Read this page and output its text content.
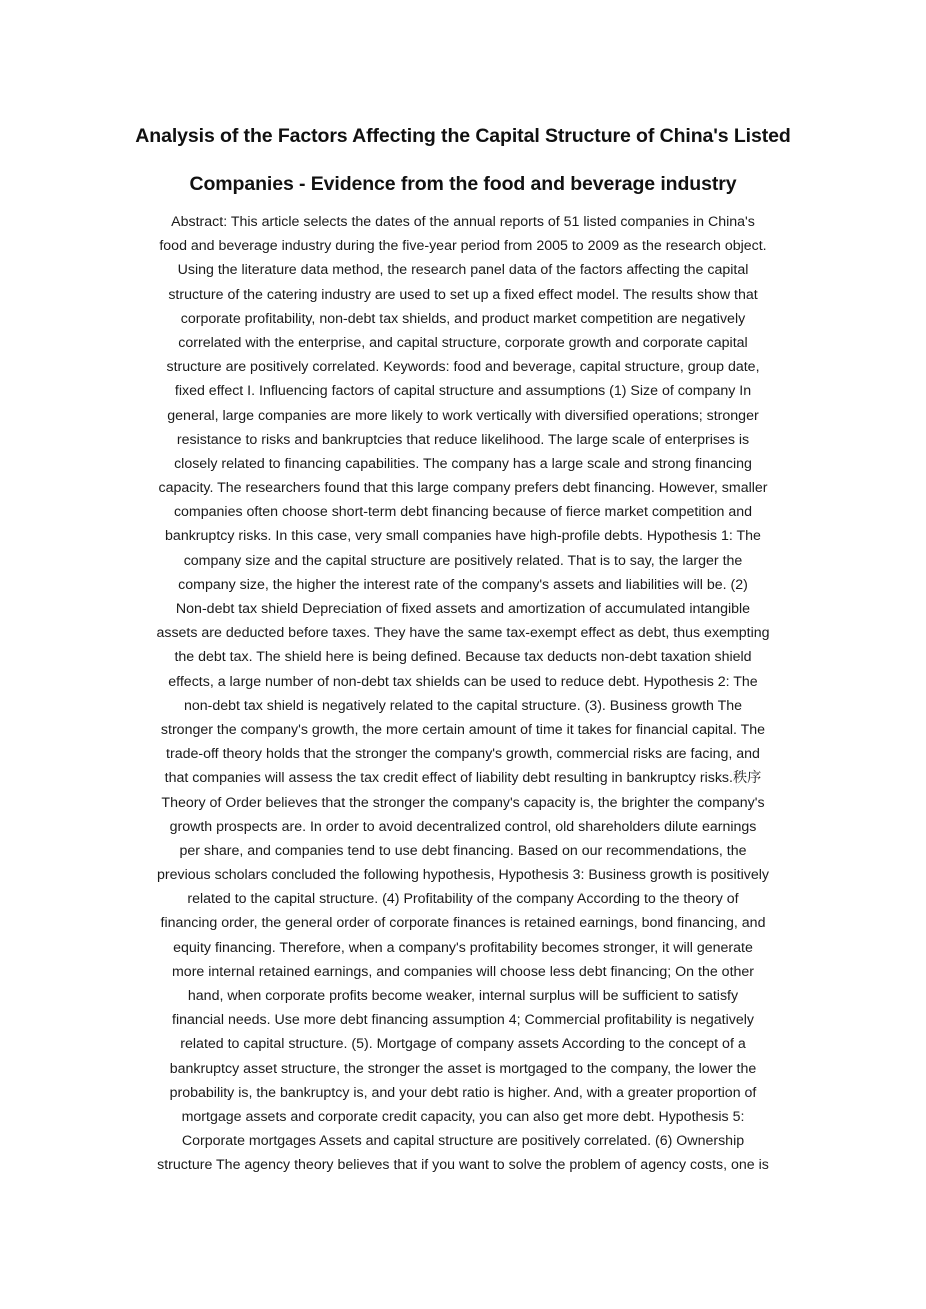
Analysis of the Factors Affecting the Capital Structure of China's Listed
Companies - Evidence from the food and beverage industry
Abstract: This article selects the dates of the annual reports of 51 listed companies in China's
food and beverage industry during the five-year period from 2005 to 2009 as the research object.
Using the literature data method, the research panel data of the factors affecting the capital
structure of the catering industry are used to set up a fixed effect model. The results show that
corporate profitability, non-debt tax shields, and product market competition are negatively
correlated with the enterprise, and capital structure, corporate growth and corporate capital
structure are positively correlated. Keywords: food and beverage, capital structure, group date,
fixed effect I. Influencing factors of capital structure and assumptions (1) Size of company In
general, large companies are more likely to work vertically with diversified operations; stronger
resistance to risks and bankruptcies that reduce likelihood. The large scale of enterprises is
closely related to financing capabilities. The company has a large scale and strong financing
capacity. The researchers found that this large company prefers debt financing. However, smaller
companies often choose short-term debt financing because of fierce market competition and
bankruptcy risks. In this case, very small companies have high-profile debts. Hypothesis 1: The
company size and the capital structure are positively related. That is to say, the larger the
company size, the higher the interest rate of the company's assets and liabilities will be. (2)
Non-debt tax shield Depreciation of fixed assets and amortization of accumulated intangible
assets are deducted before taxes. They have the same tax-exempt effect as debt, thus exempting
the debt tax. The shield here is being defined. Because tax deducts non-debt taxation shield
effects, a large number of non-debt tax shields can be used to reduce debt. Hypothesis 2: The
non-debt tax shield is negatively related to the capital structure. (3). Business growth The
stronger the company's growth, the more certain amount of time it takes for financial capital. The
trade-off theory holds that the stronger the company's growth, commercial risks are facing, and
that companies will assess the tax credit effect of liability debt resulting in bankruptcy risks.秩序
Theory of Order believes that the stronger the company's capacity is, the brighter the company's
growth prospects are. In order to avoid decentralized control, old shareholders dilute earnings
per share, and companies tend to use debt financing. Based on our recommendations, the
previous scholars concluded the following hypothesis, Hypothesis 3: Business growth is positively
related to the capital structure. (4) Profitability of the company According to the theory of
financing order, the general order of corporate finances is retained earnings, bond financing, and
equity financing. Therefore, when a company's profitability becomes stronger, it will generate
more internal retained earnings, and companies will choose less debt financing; On the other
hand, when corporate profits become weaker, internal surplus will be sufficient to satisfy
financial needs. Use more debt financing assumption 4; Commercial profitability is negatively
related to capital structure. (5). Mortgage of company assets According to the concept of a
bankruptcy asset structure, the stronger the asset is mortgaged to the company, the lower the
probability is, the bankruptcy is, and your debt ratio is higher. And, with a greater proportion of
mortgage assets and corporate credit capacity, you can also get more debt. Hypothesis 5:
Corporate mortgages Assets and capital structure are positively correlated. (6) Ownership
structure The agency theory believes that if you want to solve the problem of agency costs, one is
